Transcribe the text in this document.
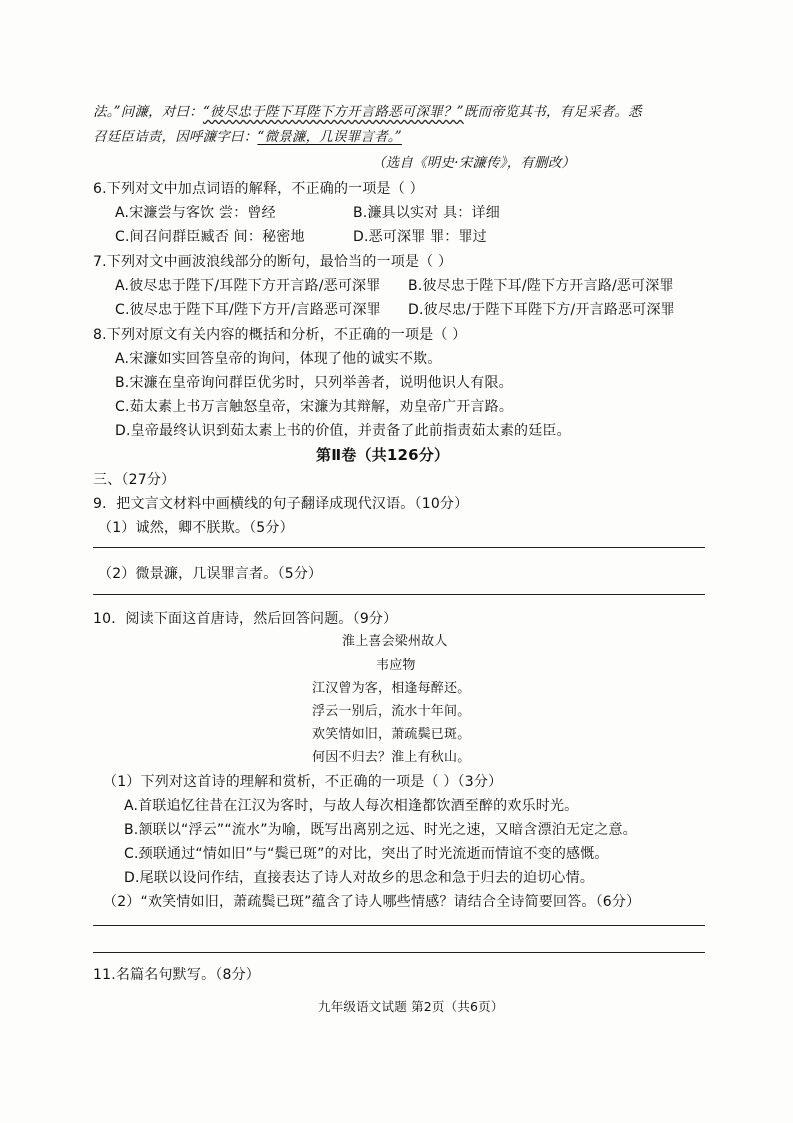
法。”问濂，对曰：“彼尽忠于陛下耳陛下方开言路恶可深罪？”既而帝览其书，有足采者。悉
召廷臣诘责，因呼濂字曰：“微景濂，几误罪言者。”
（选自《明史·宋濂传》，有删改）
6.下列对文中加点词语的解释，不正确的一项是（ ）
A.宋濂尝与客饮 尝：曾经	B.濂具以实对 具：详细
C.间召问群臣臧否 间：秘密地	D.恶可深罪 罪：罪过
7.下列对文中画波浪线部分的断句，最恰当的一项是（ ）
A.彼尽忠于陛下/耳陛下方开言路/恶可深罪 B.彼尽忠于陛下耳/陛下方开言路/恶可深罪
C.彼尽忠于陛下耳/陛下方开/言路恶可深罪 D.彼尽忠/于陛下耳陛下方/开言路恶可深罪
8.下列对原文有关内容的概括和分析，不正确的一项是（ ）
A.宋濂如实回答皇帝的询问，体现了他的诚实不欺。
B.宋濂在皇帝询问群臣优劣时，只列举善者，说明他识人有限。
C.茹太素上书万言触怒皇帝，宋濂为其辩解，劝皇帝广开言路。
D.皇帝最终认识到茹太素上书的价值，并责备了此前指责茹太素的廷臣。
第Ⅱ卷（共126分）
三、（27分）
9．把文言文材料中画横线的句子翻译成现代汉语。（10分）
（1）诚然，卿不朕欺。（5分）
（2）微景濂，几误罪言者。（5分）
10．阅读下面这首唐诗，然后回答问题。（9分）
淮上喜会梁州故人
韦应物
江汉曾为客，相逢每醉还。
浮云一别后，流水十年间。
欢笑情如旧，萧疏鬓已斑。
何因不归去？淮上有秋山。
（1）下列对这首诗的理解和赏析，不正确的一项是（ ）（3分）
A.首联追忆往昔在江汉为客时，与故人每次相逢都饮酒至醉的欢乐时光。
B.颔联以“浮云”“流水”为喻，既写出离别之远、时光之速，又暗含漂泊无定之意。
C.颈联通过“情如旧”与“鬓已斑”的对比，突出了时光流逝而情谊不变的感慨。
D.尾联以设问作结，直接表达了诗人对故乡的思念和急于归去的迫切心情。
（2）“欢笑情如旧，萧疏鬓已斑”蕴含了诗人哪些情感？请结合全诗简要回答。（6分）
11.名篇名句默写。（8分）
九年级语文试题 第2页（共6页）
